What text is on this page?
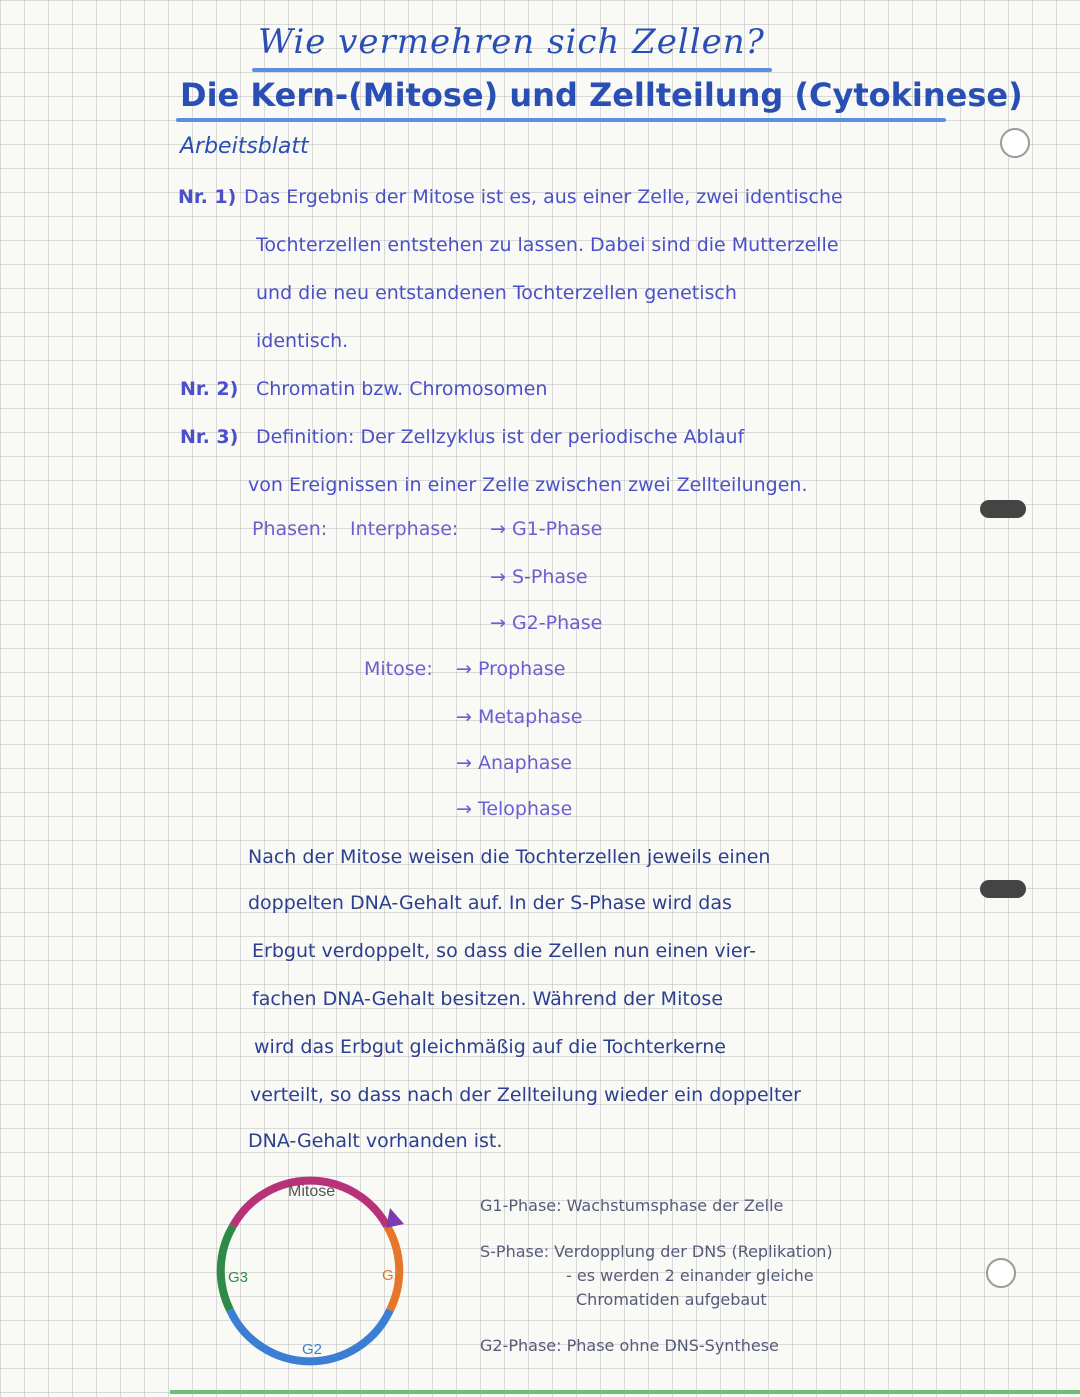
Wie vermehren sich Zellen?
Die Kern-(Mitose) und Zellteilung (Cytokinese)
Arbeitsblatt
Nr. 1) Das Ergebnis der Mitose ist es, aus einer Zelle, zwei identische
Tochterzellen entstehen zu lassen. Dabei sind die Mutterzelle
und die neu entstandenen Tochterzellen genetisch
identisch.
Nr. 2) Chromatin bzw. Chromosomen
Nr. 3) Definition: Der Zellzyklus ist der periodische Ablauf
von Ereignissen in einer Zelle zwischen zwei Zellteilungen.
Phasen: Interphase: → G1-Phase
→ S-Phase
→ G2-Phase
Mitose: → Prophase
→ Metaphase
→ Anaphase
→ Telophase
Nach der Mitose weisen die Tochterzellen jeweils einen
doppelten DNA-Gehalt auf. In der S-Phase wird das
Erbgut verdoppelt, so dass die Zellen nun einen vier-
fachen DNA-Gehalt besitzen. Während der Mitose
wird das Erbgut gleichmäßig auf die Tochterkerne
verteilt, so dass nach der Zellteilung wieder ein doppelter
DNA-Gehalt vorhanden ist.
Mitose
G1
G2
G3
G1-Phase: Wachstumsphase der Zelle
S-Phase: Verdopplung der DNS (Replikation)
- es werden 2 einander gleiche
Chromatiden aufgebaut
G2-Phase: Phase ohne DNS-Synthese
